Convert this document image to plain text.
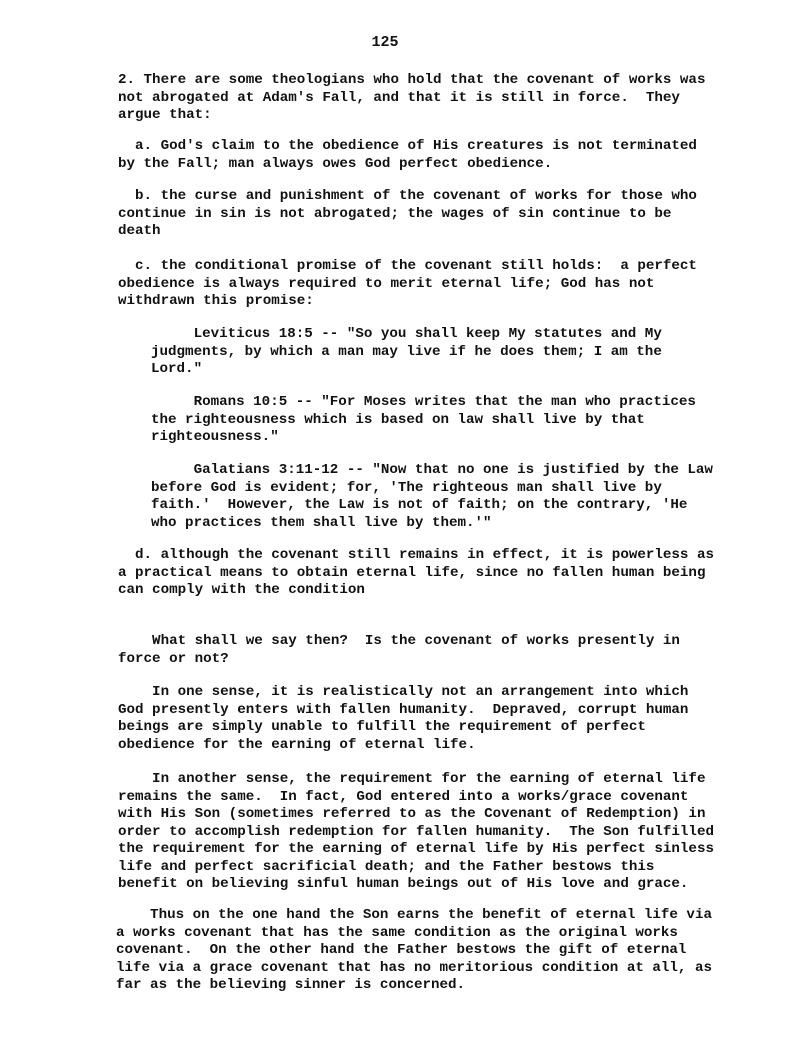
125
2. There are some theologians who hold that the covenant of works was
not abrogated at Adam's Fall, and that it is still in force.  They
argue that:
a. God's claim to the obedience of His creatures is not terminated
by the Fall; man always owes God perfect obedience.
b. the curse and punishment of the covenant of works for those who
continue in sin is not abrogated; the wages of sin continue to be
death
c. the conditional promise of the covenant still holds:  a perfect
obedience is always required to merit eternal life; God has not
withdrawn this promise:
Leviticus 18:5 -- "So you shall keep My statutes and My
judgments, by which a man may live if he does them; I am the
Lord."
Romans 10:5 -- "For Moses writes that the man who practices
the righteousness which is based on law shall live by that
righteousness."
Galatians 3:11-12 -- "Now that no one is justified by the Law
before God is evident; for, 'The righteous man shall live by
faith.'  However, the Law is not of faith; on the contrary, 'He
who practices them shall live by them.'"
d. although the covenant still remains in effect, it is powerless as
a practical means to obtain eternal life, since no fallen human being
can comply with the condition
What shall we say then?  Is the covenant of works presently in
force or not?
In one sense, it is realistically not an arrangement into which
God presently enters with fallen humanity.  Depraved, corrupt human
beings are simply unable to fulfill the requirement of perfect
obedience for the earning of eternal life.
In another sense, the requirement for the earning of eternal life
remains the same.  In fact, God entered into a works/grace covenant
with His Son (sometimes referred to as the Covenant of Redemption) in
order to accomplish redemption for fallen humanity.  The Son fulfilled
the requirement for the earning of eternal life by His perfect sinless
life and perfect sacrificial death; and the Father bestows this
benefit on believing sinful human beings out of His love and grace.
Thus on the one hand the Son earns the benefit of eternal life via
a works covenant that has the same condition as the original works
covenant.  On the other hand the Father bestows the gift of eternal
life via a grace covenant that has no meritorious condition at all, as
far as the believing sinner is concerned.
